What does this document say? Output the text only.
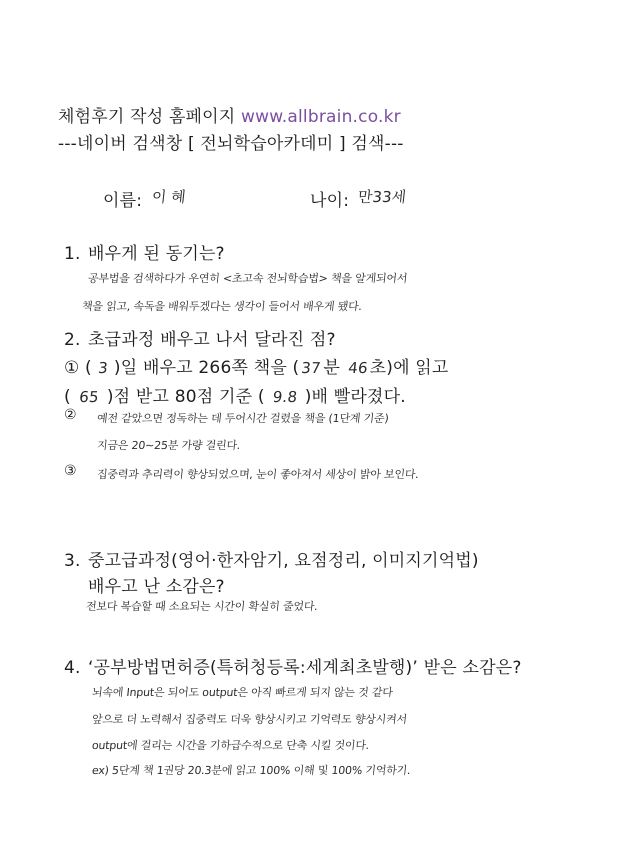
체험후기 작성 홈페이지 www.allbrain.co.kr
---네이버 검색창 [ 전뇌학습아카데미 ] 검색---
이름: 이 혜	나이: 만33세
1. 배우게 된 동기는?
공부법을 검색하다가 우연히 <초고속 전뇌학습법> 책을 알게되어서
책을 읽고, 속독을 배워두겠다는 생각이 들어서 배우게 됐다.
2. 초급과정 배우고 나서 달라진 점?
① ( 3 )일 배우고 266쪽 책을 (37분 46초)에 읽고
( 65 )점 받고 80점 기준 ( 9.8 )배 빨라졌다.
② 예전 같았으면 정독하는 데 두어시간 걸렸을 책을 (1단계 기준)
지금은 20~25분 가량 걸린다.
③ 집중력과 추리력이 향상되었으며, 눈이 좋아져서 세상이 밝아 보인다.
3. 중고급과정(영어·한자암기, 요점정리, 이미지기억법)
배우고 난 소감은?
전보다 복습할 때 소요되는 시간이 확실히 줄었다.
4. ‘공부방법면허증(특허청등록:세계최초발행)’ 받은 소감은?
뇌속에 Input은 되어도 output은 아직 빠르게 되지 않는 것 같다
앞으로 더 노력해서 집중력도 더욱 향상시키고 기억력도 향상시켜서
output에 걸리는 시간을 기하급수적으로 단축 시킬 것이다.
ex) 5단계 책 1권당 20.3분에 읽고 100% 이해 및 100% 기억하기.
